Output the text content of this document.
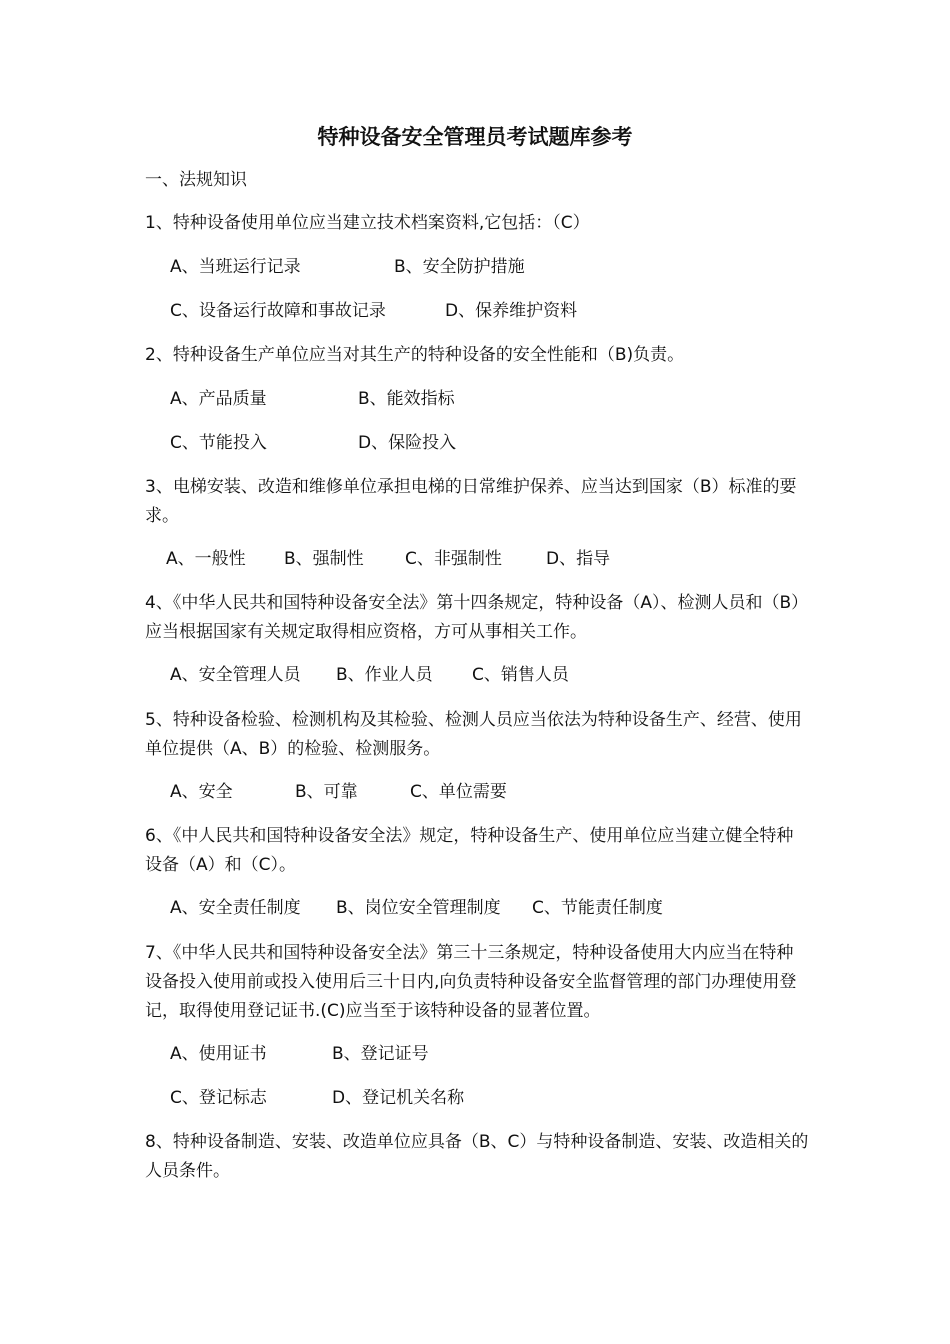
特种设备安全管理员考试题库参考

一、法规知识

1、特种设备使用单位应当建立技术档案资料,它包括：（C）

A、当班运行记录	B、安全防护措施
C、设备运行故障和事故记录	D、保养维护资料

2、特种设备生产单位应当对其生产的特种设备的安全性能和（B)负责。

A、产品质量	B、能效指标
C、节能投入	D、保险投入

3、电梯安装、改造和维修单位承担电梯的日常维护保养、应当达到国家（B）标准的要求。

A、一般性 B、强制性 C、非强制性	D、指导

4、《中华人民共和国特种设备安全法》第十四条规定，特种设备（A）、检测人员和（B）应当根据国家有关规定取得相应资格，方可从事相关工作。

A、安全管理人员 B、作业人员 C、销售人员

5、特种设备检验、检测机构及其检验、检测人员应当依法为特种设备生产、经营、使用单位提供（A、B）的检验、检测服务。

A、安全	B、可靠	C、单位需要

6、《中人民共和国特种设备安全法》规定，特种设备生产、使用单位应当建立健全特种设备（A）和（C）。

A、安全责任制度 B、岗位安全管理制度 C、节能责任制度

7、《中华人民共和国特种设备安全法》第三十三条规定，特种设备使用大内应当在特种设备投入使用前或投入使用后三十日内,向负责特种设备安全监督管理的部门办理使用登记，取得使用登记证书.(C)应当至于该特种设备的显著位置。

A、使用证书	B、登记证号
C、登记标志	D、登记机关名称

8、特种设备制造、安装、改造单位应具备（B、C）与特种设备制造、安装、改造相关的人员条件。
